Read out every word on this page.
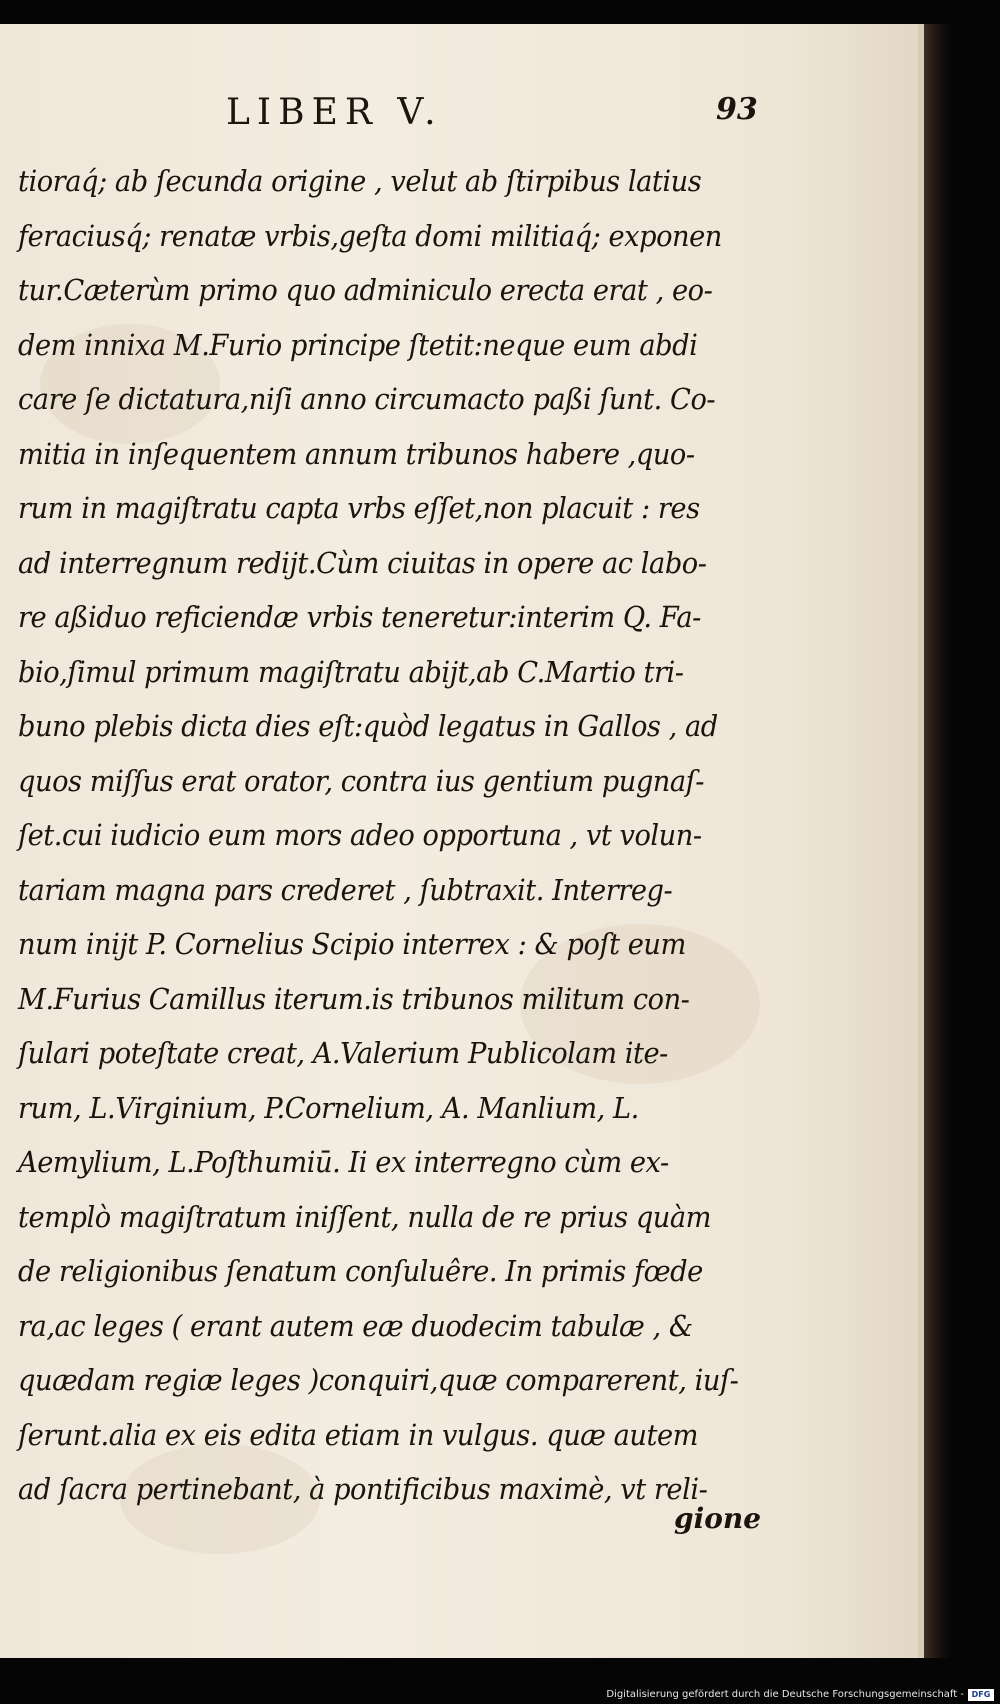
LIBER V.	93
tioraq́; ab ſecunda origine , velut ab ſtirpibus latius
feraciusq́; renatæ vrbis,geſta domi militiaq́; exponen
tur.Cæterùm primo quo adminiculo erecta erat , eo-
dem innixa M.Furio principe ſtetit:neque eum abdi
care ſe dictatura,niſi anno circumacto paßi ſunt. Co-
mitia in inſequentem annum tribunos habere ,quo-
rum in magiſtratu capta vrbs eſſet,non placuit : res
ad interregnum rediјt.Cùm ciuitas in opere ac labo-
re aßiduo reficiendæ vrbis teneretur:interim Q. Fa-
bio,ſimul primum magiſtratu abiјt,ab C.Martio tri-
buno plebis dicta dies eſt:quòd legatus in Gallos , ad
quos miſſus erat orator, contra ius gentium pugnaſ-
ſet.cui iudicio eum mors adeo opportuna , vt volun-
tariam magna pars crederet , ſubtraxit. Interreg-
num iniјt P. Cornelius Scipio interrex : & poſt eum
M.Furius Camillus iterum.is tribunos militum con-
ſulari poteſtate creat, A.Valerium Publicolam ite-
rum, L.Virginium, P.Cornelium, A. Manlium, L.
Aemylium, L.Poſthumiū. Ii ex interregno cùm ex-
templò magiſtratum iniſſent, nulla de re prius quàm
de religionibus ſenatum conſuluêre. In primis fœde
ra,ac leges ( erant autem eæ duodecim tabulæ , &
quædam regiæ leges )conquiri,quæ comparerent, iuſ-
ſerunt.alia ex eis edita etiam in vulgus. quæ autem
ad ſacra pertinebant, à pontificibus maximè, vt reli-
gione
Digitalisierung gefördert durch die Deutsche Forschungsgemeinschaft - DFG
